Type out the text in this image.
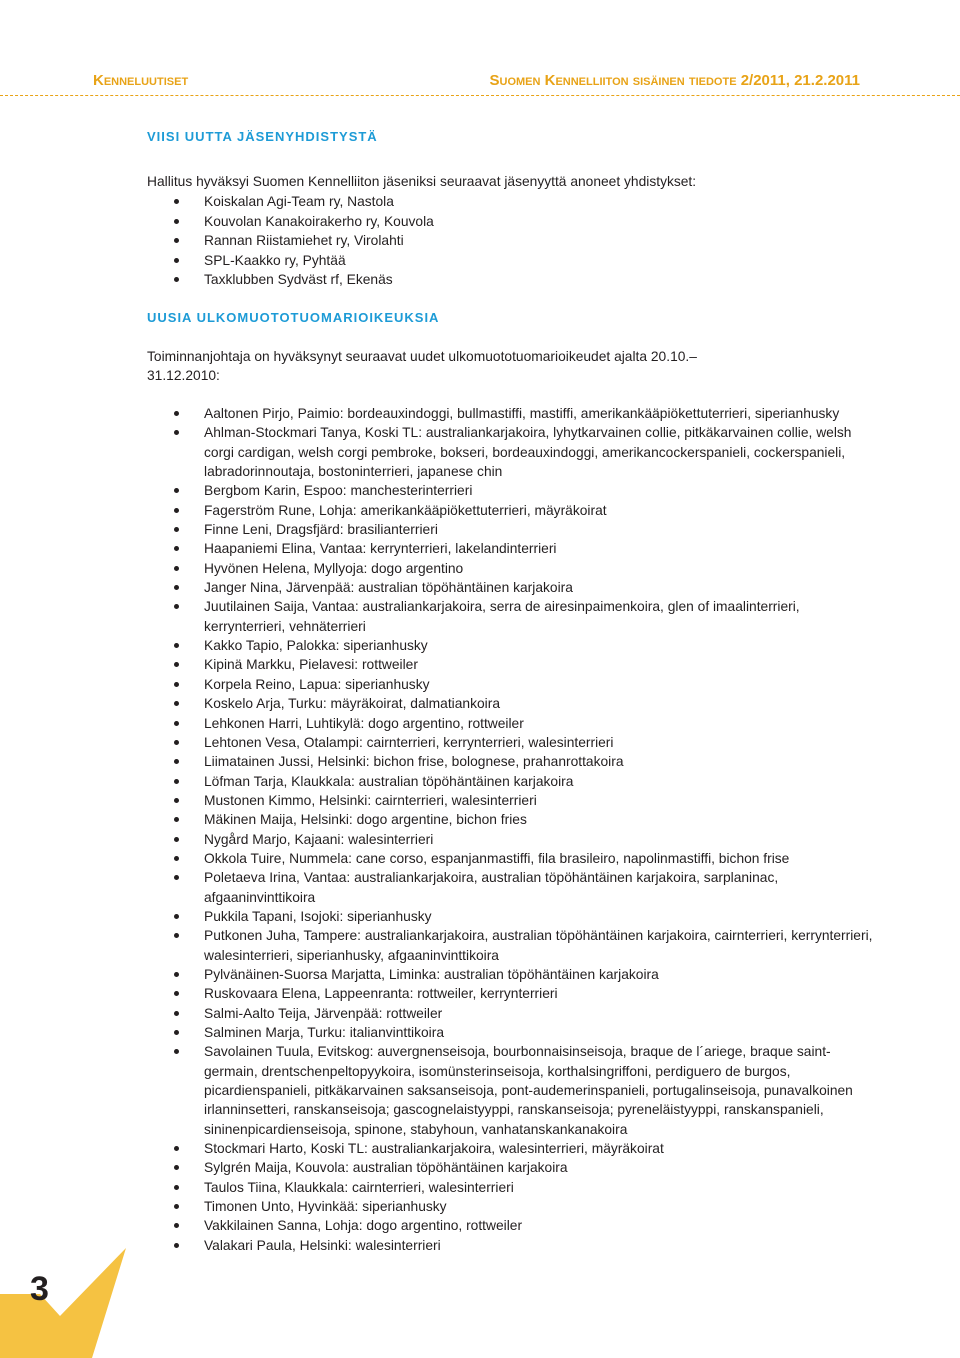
Kenneluutiset	Suomen Kennelliiton sisäinen tiedote 2/2011, 21.2.2011
VIISI UUTTA JÄSENYHDISTYSTÄ
Hallitus hyväksyi Suomen Kennelliiton jäseniksi seuraavat jäsenyyttä anoneet yhdistykset:
Koiskalan Agi-Team ry, Nastola
Kouvolan Kanakoirakerho ry, Kouvola
Rannan Riistamiehet ry, Virolahti
SPL-Kaakko ry, Pyhtää
Taxklubben Sydväst rf, Ekenäs
UUSIA ULKOMUOTOTUOMARIOIKEUKSIA
Toiminnanjohtaja on hyväksynyt seuraavat uudet ulkomuototuomarioikeudet ajalta 20.10.–
31.12.2010:
Aaltonen Pirjo, Paimio: bordeauxindoggi, bullmastiffi, mastiffi, amerikankääpiökettuterrieri, siperianhusky
Ahlman-Stockmari Tanya, Koski TL: australiankarjakoira, lyhytkarvainen collie, pitkäkarvainen collie, welsh corgi cardigan, welsh corgi pembroke, bokseri, bordeauxindoggi, amerikancockerspanieli, cockerspanieli, labradorinnoutaja, bostoninterrieri, japanese chin
Bergbom Karin, Espoo: manchesterinterrieri
Fagerström Rune, Lohja: amerikankääpiökettuterrieri, mäyräkoirat
Finne Leni, Dragsfjärd: brasilianterrieri
Haapaniemi Elina, Vantaa: kerrynterrieri, lakelandinterrieri
Hyvönen Helena, Myllyoja: dogo argentino
Janger Nina, Järvenpää: australian töpöhäntäinen karjakoira
Juutilainen Saija, Vantaa: australiankarjakoira, serra de airesinpaimenkoira, glen of imaalinterrieri, kerrynterrieri, vehnäterrieri
Kakko Tapio, Palokka: siperianhusky
Kipinä Markku, Pielavesi: rottweiler
Korpela Reino, Lapua: siperianhusky
Koskelo Arja, Turku: mäyräkoirat, dalmatiankoira
Lehkonen Harri, Luhtikylä: dogo argentino, rottweiler
Lehtonen Vesa, Otalampi: cairnterrieri, kerrynterrieri, walesinterrieri
Liimatainen Jussi, Helsinki: bichon frise, bolognese, prahanrottakoira
Löfman Tarja, Klaukkala: australian töpöhäntäinen karjakoira
Mustonen Kimmo, Helsinki: cairnterrieri, walesinterrieri
Mäkinen Maija, Helsinki: dogo argentine, bichon fries
Nygård Marjo, Kajaani: walesinterrieri
Okkola Tuire, Nummela: cane corso, espanjanmastiffi, fila brasileiro, napolinmastiffi, bichon frise
Poletaeva Irina, Vantaa: australiankarjakoira, australian töpöhäntäinen karjakoira, sarplaninac, afgaaninvinttikoira
Pukkila Tapani, Isojoki: siperianhusky
Putkonen Juha, Tampere: australiankarjakoira, australian töpöhäntäinen karjakoira, cairnterrieri, kerrynterrieri, walesinterrieri, siperianhusky, afgaaninvinttikoira
Pylvänäinen-Suorsa Marjatta, Liminka: australian töpöhäntäinen karjakoira
Ruskovaara Elena, Lappeenranta: rottweiler, kerrynterrieri
Salmi-Aalto Teija, Järvenpää: rottweiler
Salminen Marja, Turku: italianvinttikoira
Savolainen Tuula, Evitskog: auvergnenseisoja, bourbonnaisinseisoja, braque de l´ariege, braque saint-germain, drentschenpeltopyykoira, isomünsterinseisoja, korthalsingriffoni, perdiguero de burgos, picardienspanieli, pitkäkarvainen saksanseisoja, pont-audemerinspanieli, portugalinseisoja, punavalkoinen irlanninsetteri, ranskanseisoja; gascognelaistyyppi, ranskanseisoja; pyreneläistyyppi, ranskanspanieli, sininenpicardienseisoja, spinone, stabyhoun, vanhatanskankanakoira
Stockmari Harto, Koski TL: australiankarjakoira, walesinterrieri, mäyräkoirat
Sylgrén Maija, Kouvola: australian töpöhäntäinen karjakoira
Taulos Tiina, Klaukkala: cairnterrieri, walesinterrieri
Timonen Unto, Hyvinkää: siperianhusky
Vakkilainen Sanna, Lohja: dogo argentino, rottweiler
Valakari Paula, Helsinki: walesinterrieri
3
